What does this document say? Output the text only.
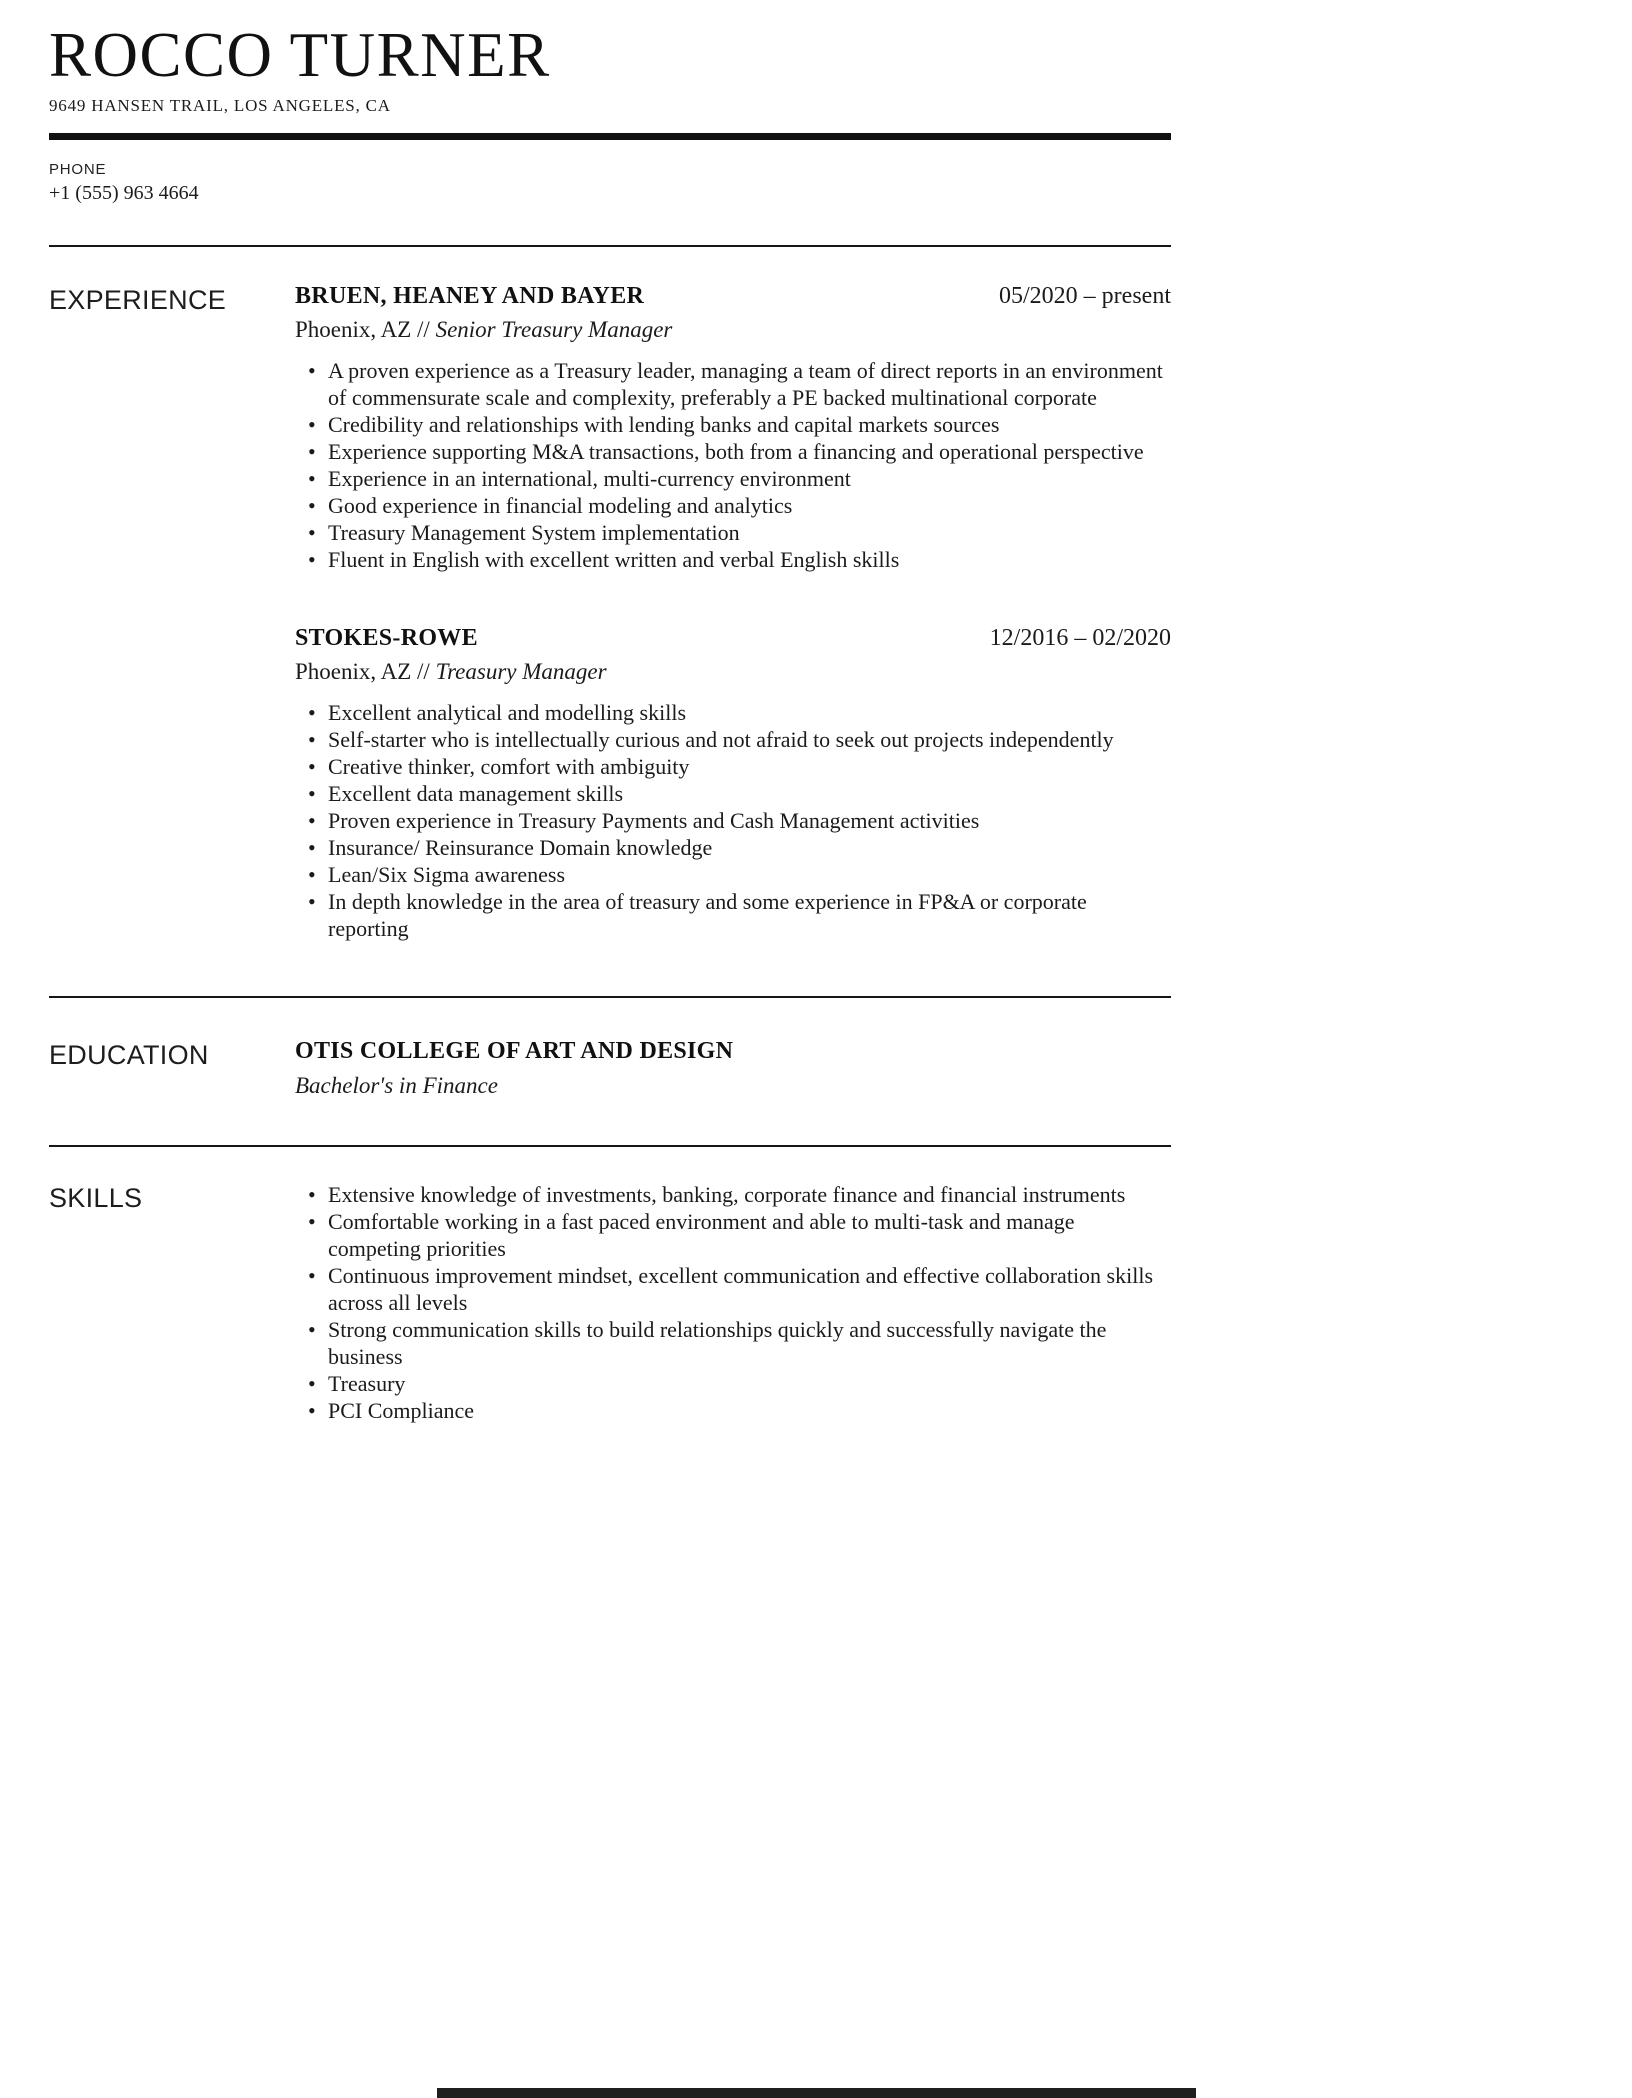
ROCCO TURNER
9649 HANSEN TRAIL, LOS ANGELES, CA
PHONE
+1 (555) 963 4664
EXPERIENCE	BRUEN, HEANEY AND BAYER	05/2020 – present
Phoenix, AZ // Senior Treasury Manager
• A proven experience as a Treasury leader, managing a team of direct reports in an environment of commensurate scale and complexity, preferably a PE backed multinational corporate
• Credibility and relationships with lending banks and capital markets sources
• Experience supporting M&A transactions, both from a financing and operational perspective
• Experience in an international, multi-currency environment
• Good experience in financial modeling and analytics
• Treasury Management System implementation
• Fluent in English with excellent written and verbal English skills
STOKES-ROWE	12/2016 – 02/2020
Phoenix, AZ // Treasury Manager
• Excellent analytical and modelling skills
• Self-starter who is intellectually curious and not afraid to seek out projects independently
• Creative thinker, comfort with ambiguity
• Excellent data management skills
• Proven experience in Treasury Payments and Cash Management activities
• Insurance/ Reinsurance Domain knowledge
• Lean/Six Sigma awareness
• In depth knowledge in the area of treasury and some experience in FP&A or corporate reporting
EDUCATION	OTIS COLLEGE OF ART AND DESIGN
Bachelor's in Finance
SKILLS	• Extensive knowledge of investments, banking, corporate finance and financial instruments
• Comfortable working in a fast paced environment and able to multi-task and manage competing priorities
• Continuous improvement mindset, excellent communication and effective collaboration skills across all levels
• Strong communication skills to build relationships quickly and successfully navigate the business
• Treasury
• PCI Compliance
